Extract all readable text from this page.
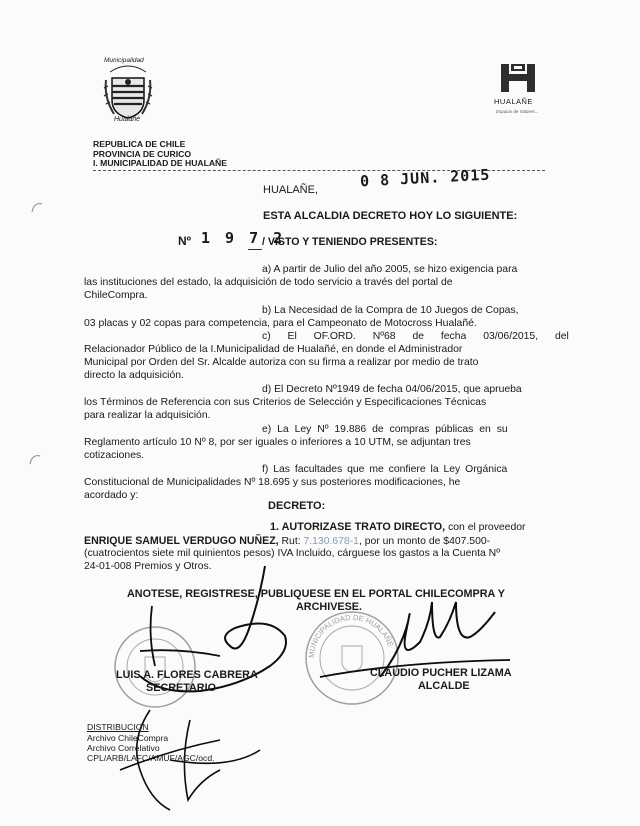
Municipalidad
Hualañé
HUALAÑE
Espacio de Valores...
REPUBLICA DE CHILE
PROVINCIA DE CURICO
I. MUNICIPALIDAD DE HUALAÑE
HUALAÑE,	0 8 JUN. 2015
ESTA ALCALDIA DECRETO HOY LO SIGUIENTE:
Nº 1 9 7 2
/ VISTO Y TENIENDO PRESENTES:
a) A partir de Julio del año 2005, se hizo exigencia para
las instituciones del estado, la adquisición de todo servicio a través del portal de
ChileCompra.
b) La Necesidad de la Compra de 10 Juegos de Copas,
03 placas y 02 copas para competencia, para el Campeonato de Motocross Hualañé.
c) El OF.ORD. Nº68 de fecha 03/06/2015, del
Relacionador Público de la I.Municipalidad de Hualañé, en donde el Administrador
Municipal por Orden del Sr. Alcalde autoriza con su firma a realizar por medio de trato
directo la adquisición.
d) El Decreto Nº1949 de fecha 04/06/2015, que aprueba
los Términos de Referencia con sus Criterios de Selección y Especificaciones Técnicas
para realizar la adquisición.
e) La Ley Nº 19.886 de compras públicas en su
Reglamento artículo 10 Nº 8, por ser iguales o inferiores a 10 UTM, se adjuntan tres
cotizaciones.
f) Las facultades que me confiere la Ley Orgánica
Constitucional de Municipalidades Nº 18.695 y sus posteriores modificaciones, he
acordado y:
DECRETO:
1. AUTORIZASE TRATO DIRECTO, con el proveedor
ENRIQUE SAMUEL VERDUGO NUÑEZ, Rut: 7.130.678-1, por un monto de $407.500-
(cuatrocientos siete mil quinientos pesos) IVA Incluido, cárguese los gastos a la Cuenta Nº
24-01-008 Premios y Otros.
ANOTESE, REGISTRESE, PUBLIQUESE EN EL PORTAL CHILECOMPRA Y
ARCHIVESE.
MUNICIPALIDAD DE HUALAÑE
LUIS A. FLORES CABRERA
SECRETARIO
CLAUDIO PUCHER LIZAMA
ALCALDE
DISTRIBUCION
Archivo ChileCompra
Archivo Correlativo
CPL/ARB/LAFC/AMUF/AGC/ocd.
